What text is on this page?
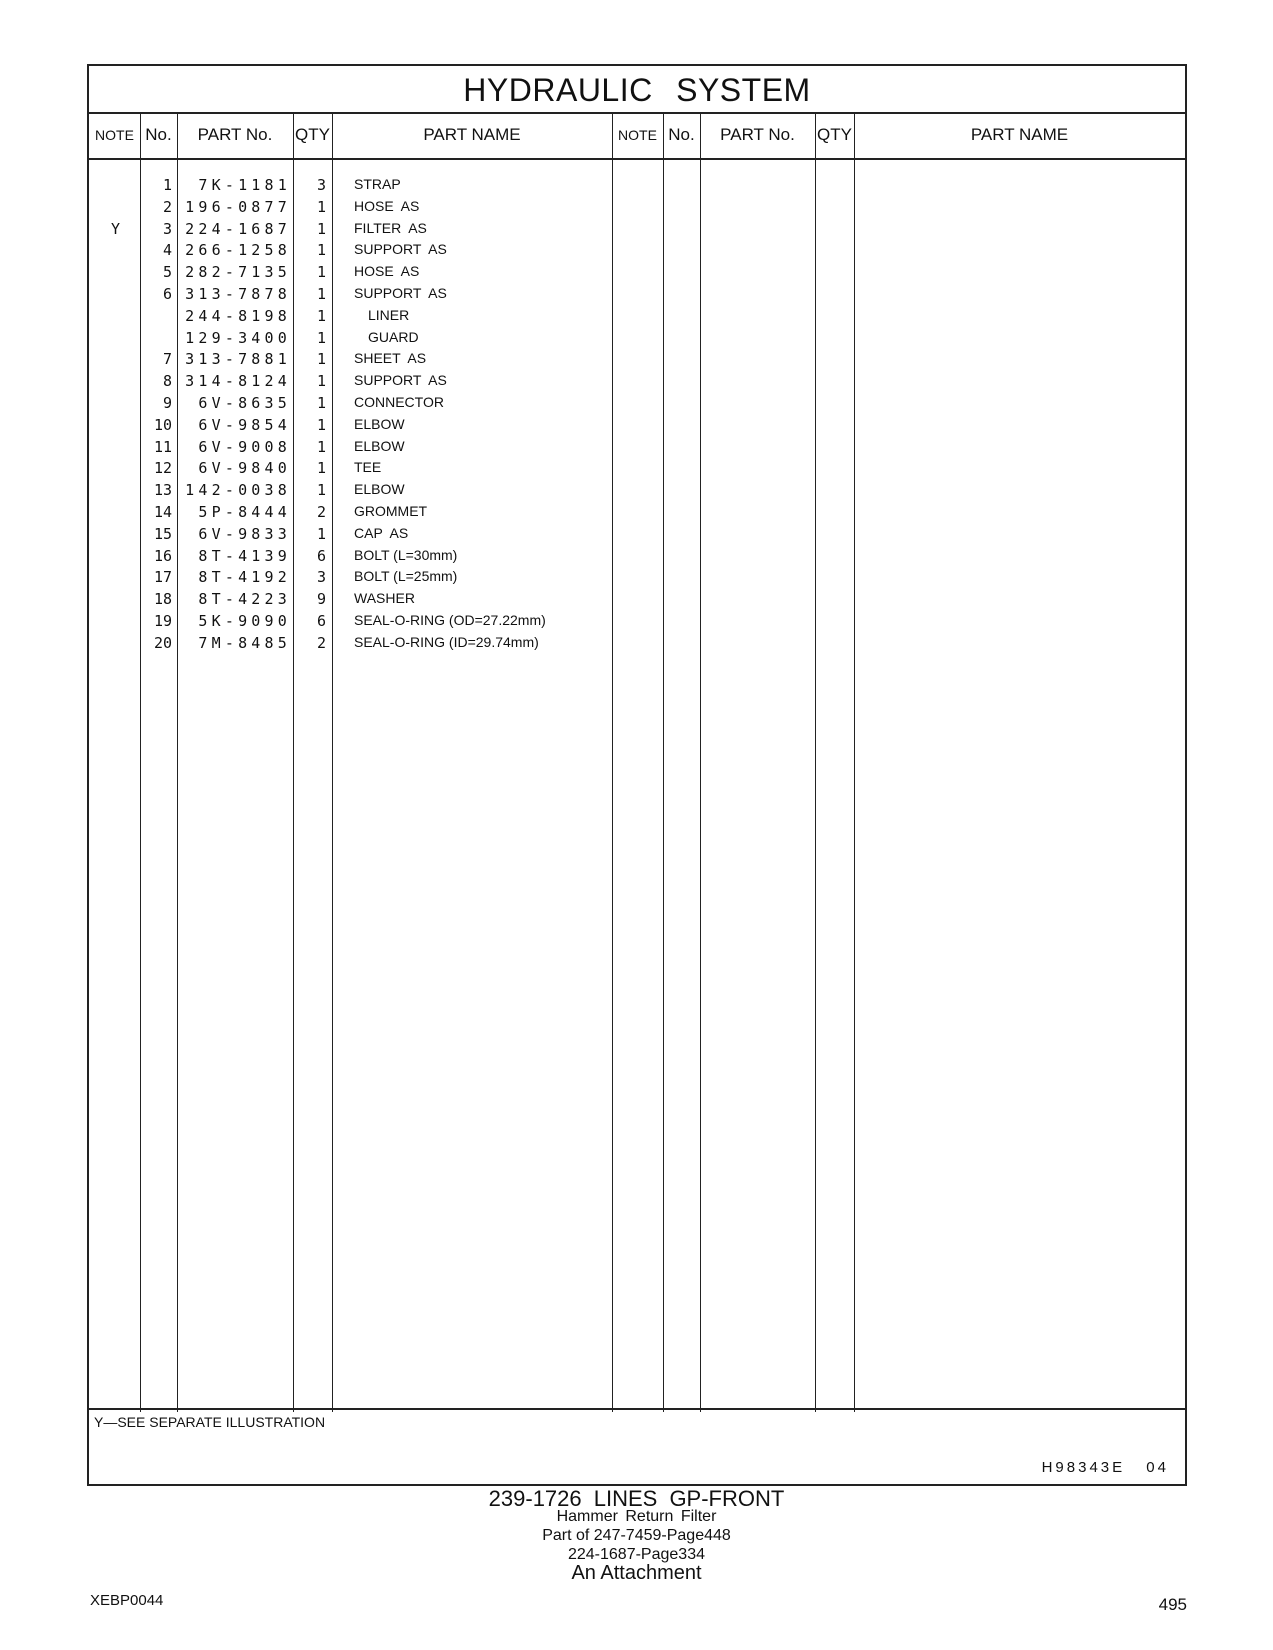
HYDRAULIC SYSTEM
NOTE No.	PART No.	QTY	PART NAME	NOTE No.	PART No.	QTY	PART NAME
1	7K-1181	3 STRAP
2 196-0877	1 HOSE  AS
Y	3 224-1687	1 FILTER  AS
4 266-1258	1 SUPPORT  AS
5 282-7135	1 HOSE  AS
6 313-7878	1 SUPPORT  AS
244-8198	1	LINER
129-3400	1	GUARD
7 313-7881	1 SHEET  AS
8 314-8124	1 SUPPORT  AS
9	6V-8635	1 CONNECTOR
10	6V-9854	1 ELBOW
11	6V-9008	1 ELBOW
12	6V-9840	1 TEE
13 142-0038	1 ELBOW
14	5P-8444	2 GROMMET
15	6V-9833	1 CAP  AS
16	8T-4139	6 BOLT (L=30mm)
17	8T-4192	3 BOLT (L=25mm)
18	8T-4223	9 WASHER
19	5K-9090	6 SEAL-O-RING (OD=27.22mm)
20	7M-8485	2 SEAL-O-RING (ID=29.74mm)
Y—SEE SEPARATE ILLUSTRATION
H98343E 04
239-1726 LINES GP-FRONT
Hammer Return Filter
Part of 247-7459-Page448
224-1687-Page334
An Attachment
XEBP0044	495
